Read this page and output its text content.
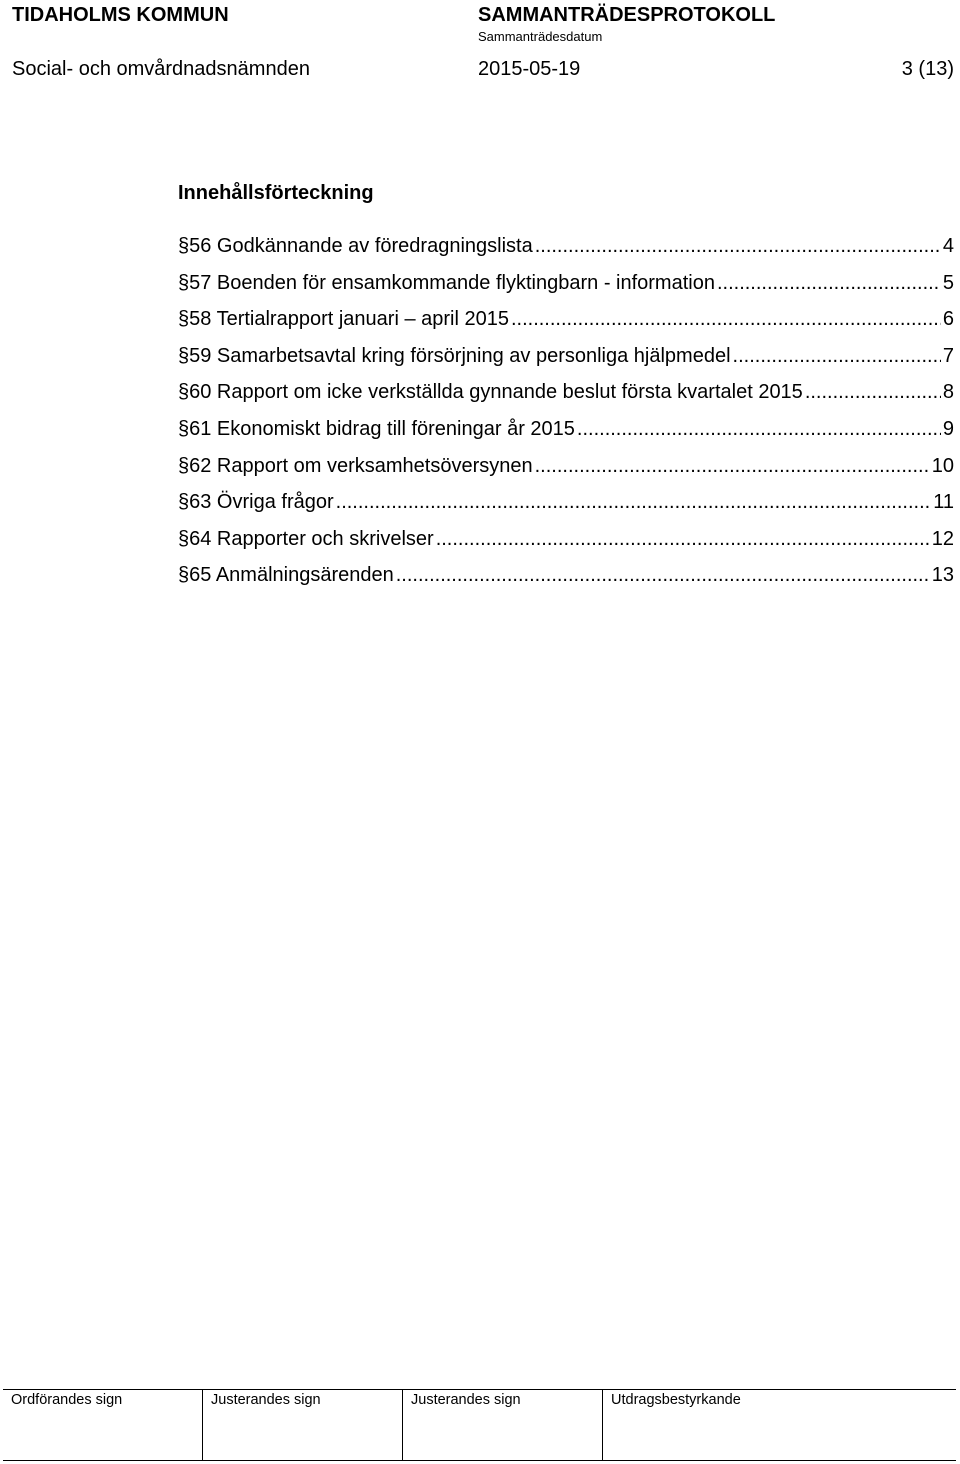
TIDAHOLMS KOMMUN	SAMMANTRÄDESPROTOKOLL
Sammanträdesdatum
Social- och omvårdnadsnämnden	2015-05-19	3 (13)
Innehållsförteckning
§ 56 Godkännande av föredragningslista .....	4
§ 57 Boenden för ensamkommande flyktingbarn - information .....	5
§ 58 Tertialrapport januari – april 2015 .....	6
§ 59 Samarbetsavtal kring försörjning av personliga hjälpmedel .....	7
§ 60 Rapport om icke verkställda gynnande beslut första kvartalet 2015 .....	8
§ 61 Ekonomiskt bidrag till föreningar år 2015 .....	9
§ 62 Rapport om verksamhetsöversynen .....	10
§ 63 Övriga frågor .....	11
§ 64 Rapporter och skrivelser .....	12
§ 65 Anmälningsärenden .....	13
Ordförandes sign	Justerandes sign	Justerandes sign	Utdragsbestyrkande
